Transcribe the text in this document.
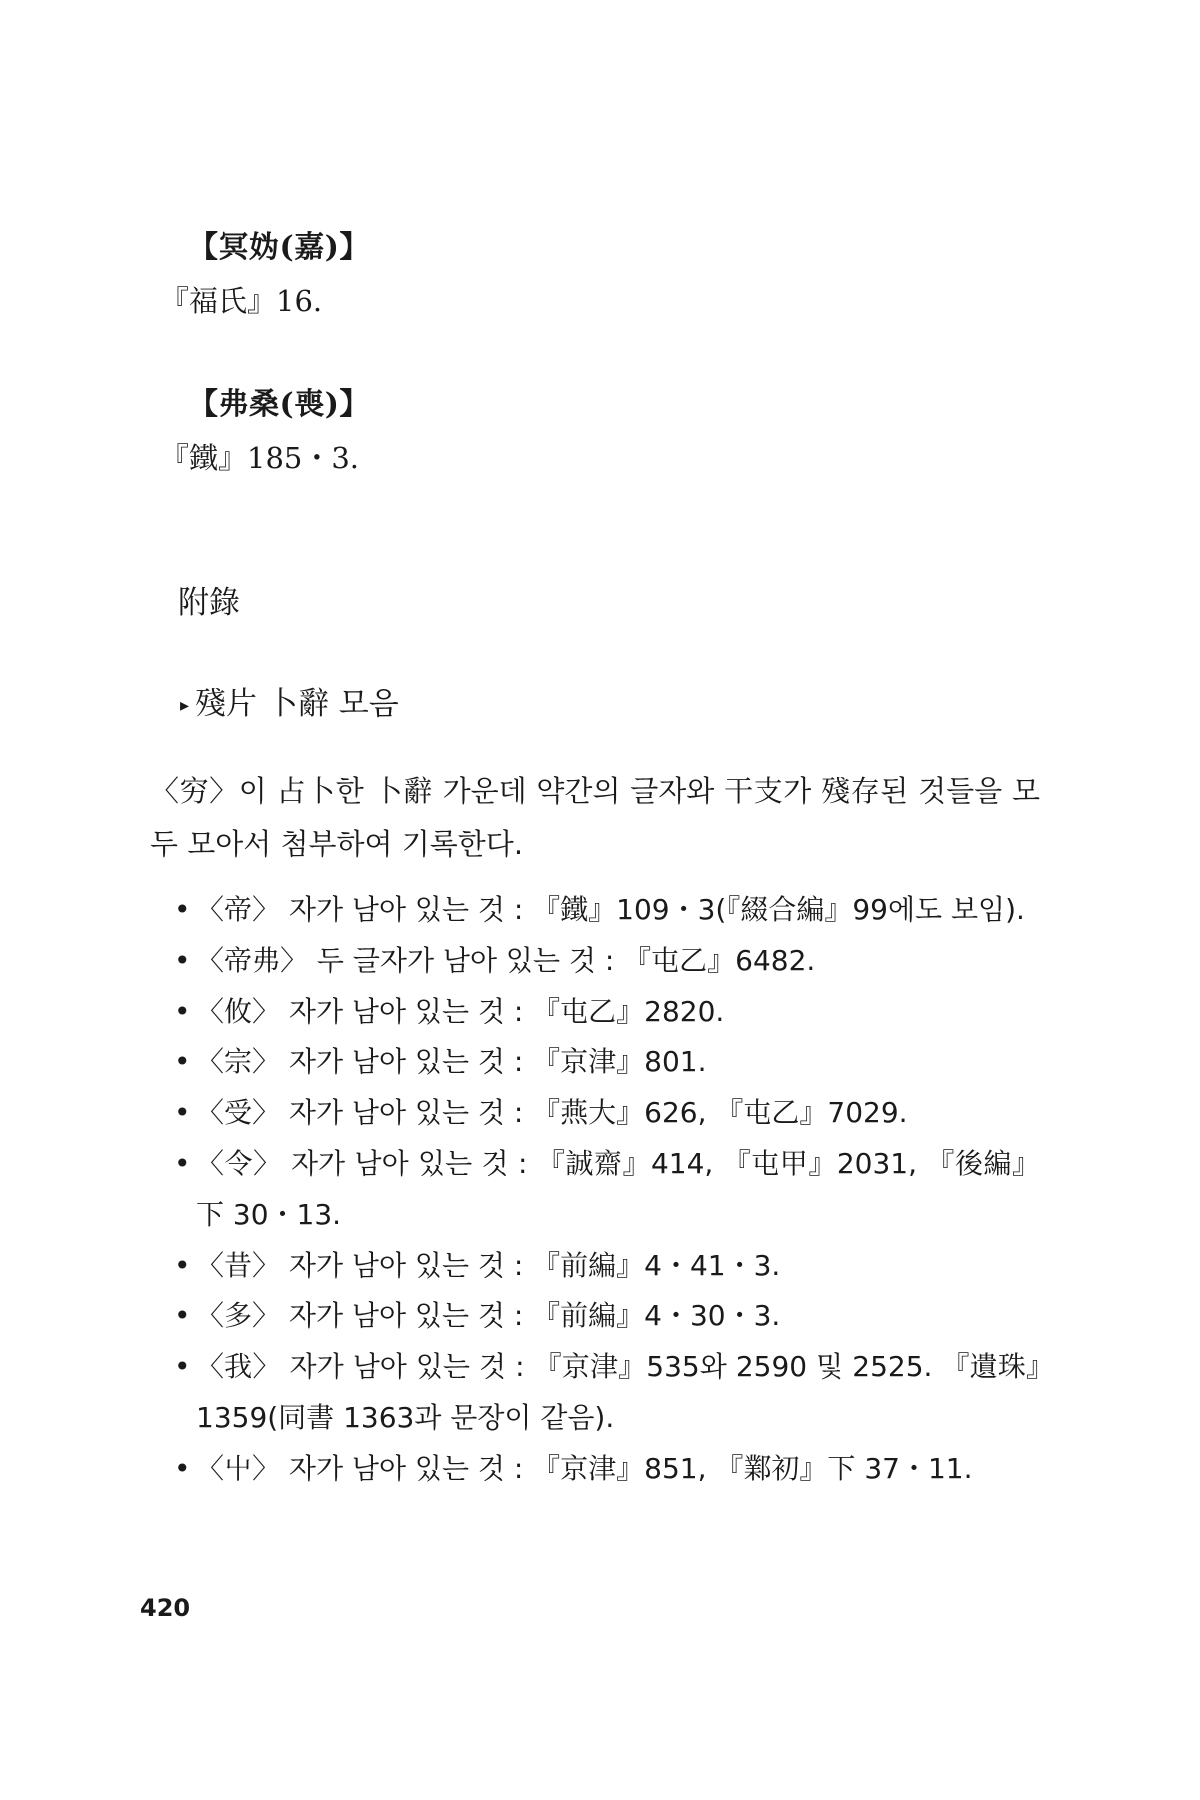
【冥妫(嘉)】
『福氏』16.
【弗桑(喪)】
『鐵』185・3.
附錄
▸ 殘片 卜辭 모음

〈穷〉이 占卜한 卜辭 가운데 약간의 글자와 干支가 殘存된 것들을 모두 모아서 첨부하여 기록한다.

• 〈帝〉 자가 남아 있는 것 : 『鐵』109・3(『綴合編』99에도 보임).
• 〈帝弗〉 두 글자가 남아 있는 것 : 『屯乙』6482.
• 〈攸〉 자가 남아 있는 것 : 『屯乙』2820.
• 〈宗〉 자가 남아 있는 것 : 『京津』801.
• 〈受〉 자가 남아 있는 것 : 『燕大』626, 『屯乙』7029.
• 〈令〉 자가 남아 있는 것 : 『誠齋』414, 『屯甲』2031, 『後編』下 30・13.
• 〈昔〉 자가 남아 있는 것 : 『前編』4・41・3.
• 〈多〉 자가 남아 있는 것 : 『前編』4・30・3.
• 〈我〉 자가 남아 있는 것 : 『京津』535와 2590 및 2525. 『遺珠』1359(同書 1363과 문장이 같음).
• 〈屮〉 자가 남아 있는 것 : 『京津』851, 『鄴初』下 37・11.
420
